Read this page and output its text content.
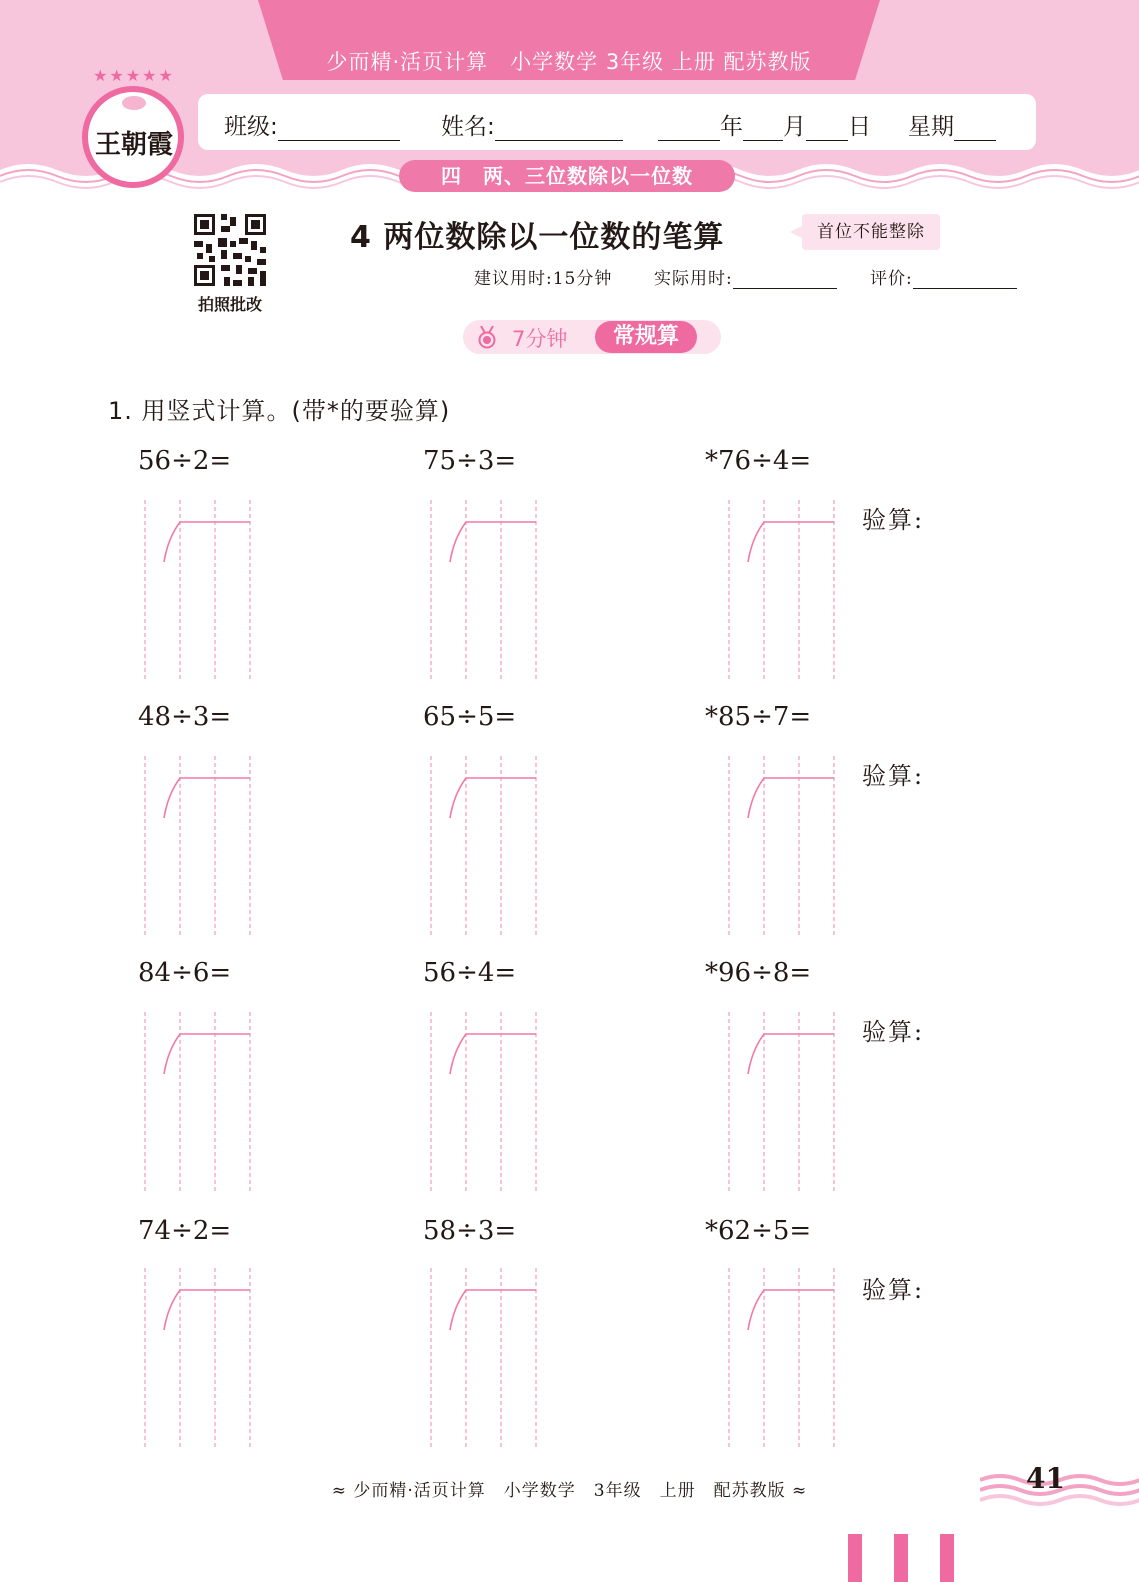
少而精·活页计算　小学数学 3年级 上册 配苏教版
班级:	姓名:	年 月 日 星期
★★★★★
王朝霞
四　两、三位数除以一位数
拍照批改
4 两位数除以一位数的笔算	首位不能整除
建议用时:15分钟 实际用时:	评价:
7分钟	常规算
1. 用竖式计算。(带*的要验算)
56÷2=	75÷3=	*76÷4=
验算:
48÷3=	65÷5=	*85÷7=
验算:
84÷6=	56÷4=	*96÷8=
验算:
74÷2=	58÷3=	*62÷5=
验算:
≈ 少而精·活页计算　小学数学　3年级　上册　配苏教版 ≈	41
